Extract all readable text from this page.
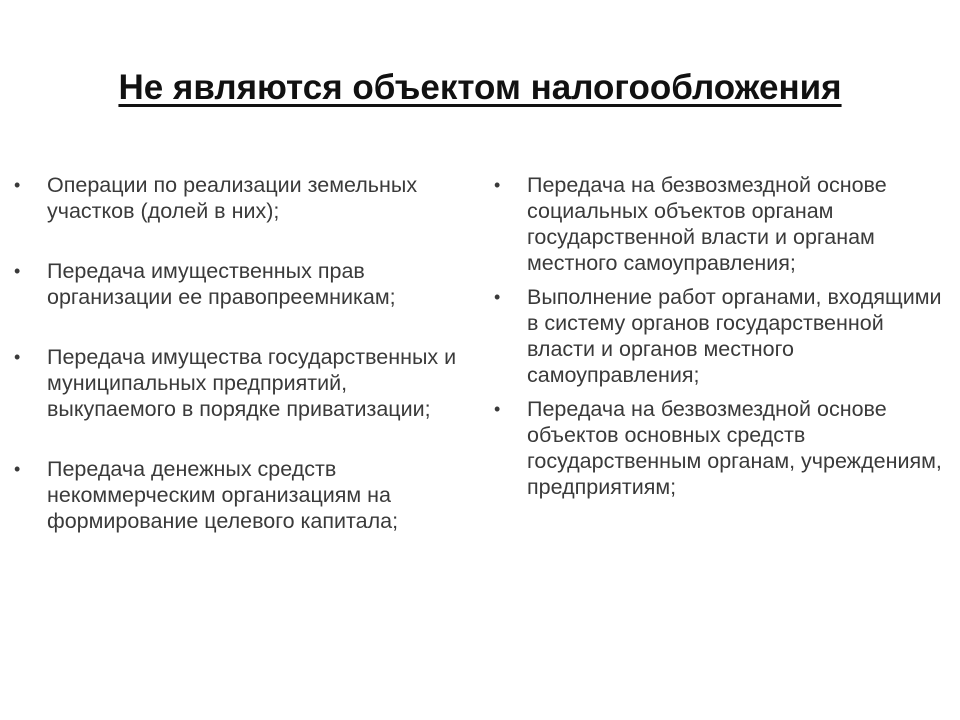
Не являются объектом налогообложения
• Операции по реализации земельных участков (долей в них);
• Передача имущественных прав организации ее правопреемникам;
• Передача имущества государственных и муниципальных предприятий, выкупаемого в порядке приватизации;
• Передача денежных средств некоммерческим организациям на формирование целевого капитала;
• Передача на безвозмездной основе социальных объектов органам государственной власти и органам местного самоуправления;
• Выполнение работ органами, входящими в систему органов государственной власти и органов местного самоуправления;
• Передача на безвозмездной основе объектов основных средств государственным органам, учреждениям, предприятиям;
